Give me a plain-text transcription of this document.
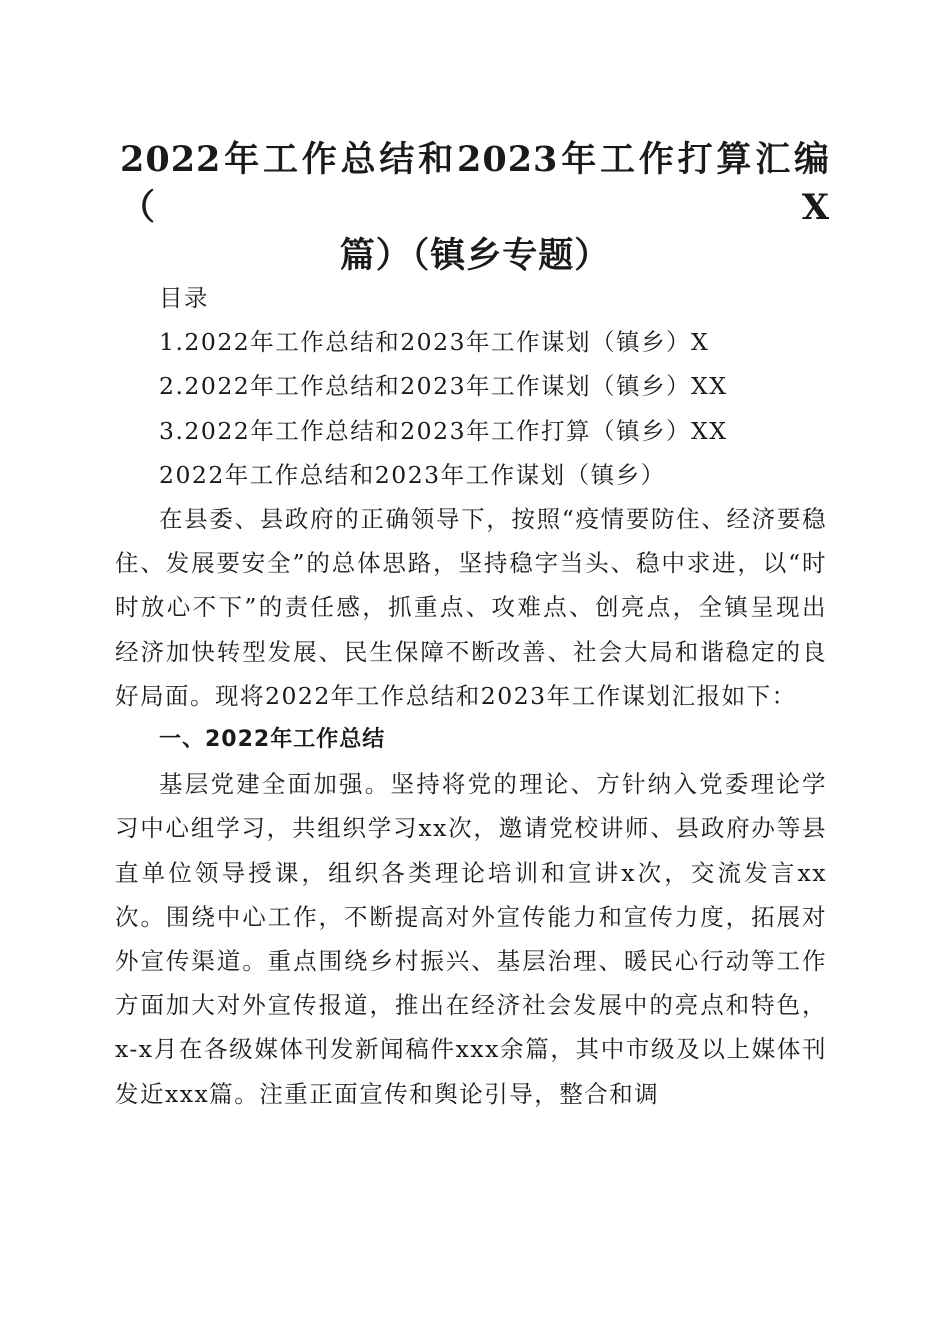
2022年工作总结和2023年工作打算汇编（X
篇）（镇乡专题）
目录
1.2022年工作总结和2023年工作谋划（镇乡）X
2.2022年工作总结和2023年工作谋划（镇乡）XX
3.2022年工作总结和2023年工作打算（镇乡）XX
2022年工作总结和2023年工作谋划（镇乡）

在县委、县政府的正确领导下，按照“疫情要防住、经济要稳住、发展要安全”的总体思路，坚持稳字当头、稳中求进，以“时时放心不下”的责任感，抓重点、攻难点、创亮点，全镇呈现出经济加快转型发展、民生保障不断改善、社会大局和谐稳定的良好局面。现将2022年工作总结和2023年工作谋划汇报如下：

一、2022年工作总结

基层党建全面加强。坚持将党的理论、方针纳入党委理论学习中心组学习，共组织学习xx次，邀请党校讲师、县政府办等县直单位领导授课，组织各类理论培训和宣讲x次，交流发言xx次。围绕中心工作，不断提高对外宣传能力和宣传力度，拓展对外宣传渠道。重点围绕乡村振兴、基层治理、暖民心行动等工作方面加大对外宣传报道，推出在经济社会发展中的亮点和特色，x-x月在各级媒体刊发新闻稿件xxx余篇，其中市级及以上媒体刊发近xxx篇。注重正面宣传和舆论引导，整合和调
